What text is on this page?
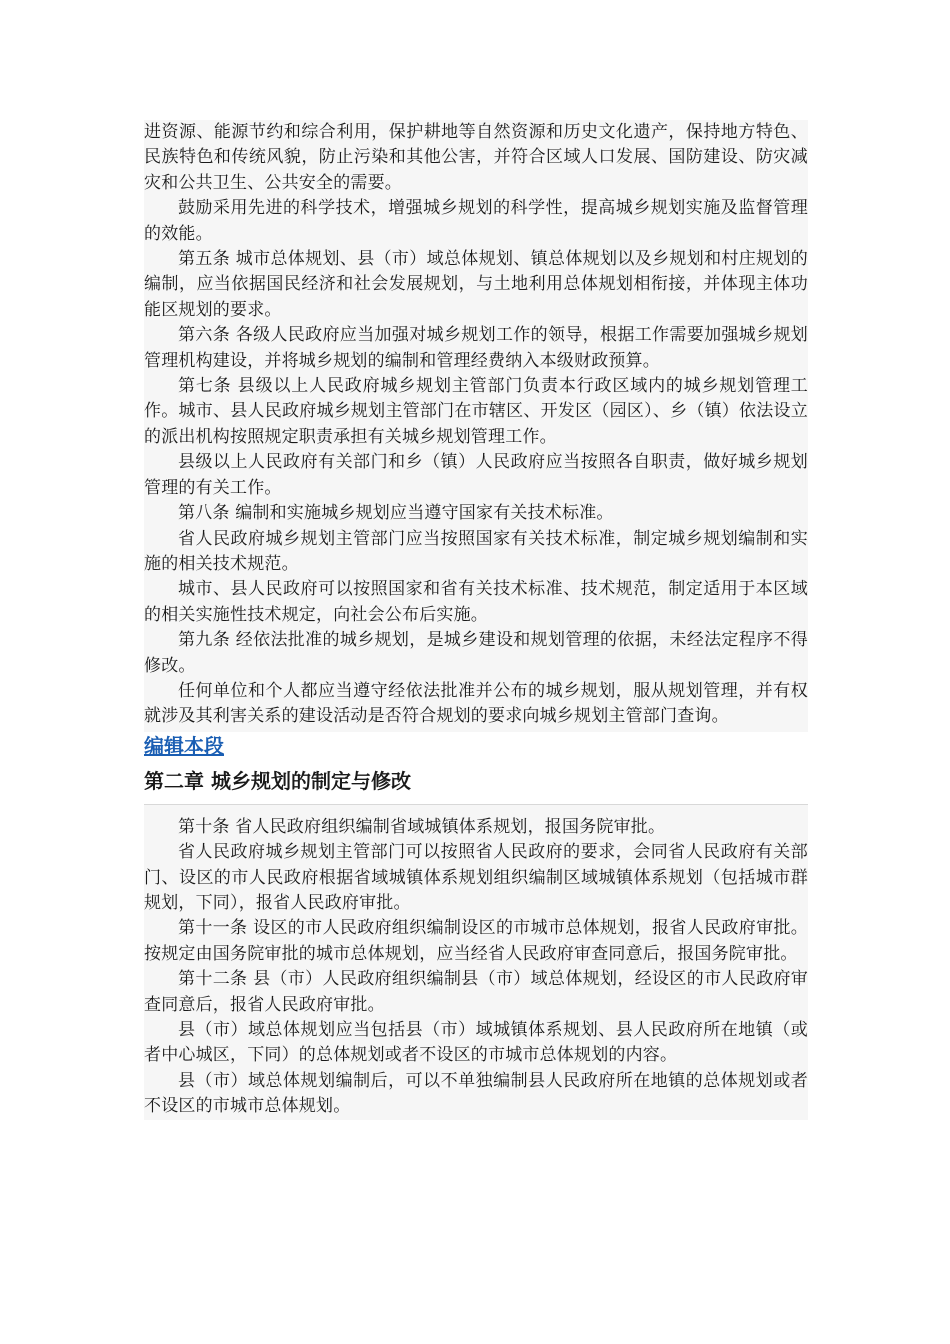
进资源、能源节约和综合利用，保护耕地等自然资源和历史文化遗产，保持地方特色、民族特色和传统风貌，防止污染和其他公害，并符合区域人口发展、国防建设、防灾减灾和公共卫生、公共安全的需要。

鼓励采用先进的科学技术，增强城乡规划的科学性，提高城乡规划实施及监督管理的效能。

第五条 城市总体规划、县（市）域总体规划、镇总体规划以及乡规划和村庄规划的编制，应当依据国民经济和社会发展规划，与土地利用总体规划相衔接，并体现主体功能区规划的要求。

第六条 各级人民政府应当加强对城乡规划工作的领导，根据工作需要加强城乡规划管理机构建设，并将城乡规划的编制和管理经费纳入本级财政预算。

第七条 县级以上人民政府城乡规划主管部门负责本行政区域内的城乡规划管理工作。城市、县人民政府城乡规划主管部门在市辖区、开发区（园区）、乡（镇）依法设立的派出机构按照规定职责承担有关城乡规划管理工作。

县级以上人民政府有关部门和乡（镇）人民政府应当按照各自职责，做好城乡规划管理的有关工作。

第八条 编制和实施城乡规划应当遵守国家有关技术标准。

省人民政府城乡规划主管部门应当按照国家有关技术标准，制定城乡规划编制和实施的相关技术规范。

城市、县人民政府可以按照国家和省有关技术标准、技术规范，制定适用于本区域的相关实施性技术规定，向社会公布后实施。

第九条 经依法批准的城乡规划，是城乡建设和规划管理的依据，未经法定程序不得修改。

任何单位和个人都应当遵守经依法批准并公布的城乡规划，服从规划管理，并有权就涉及其利害关系的建设活动是否符合规划的要求向城乡规划主管部门查询。

编辑本段
第二章 城乡规划的制定与修改

第十条 省人民政府组织编制省域城镇体系规划，报国务院审批。

省人民政府城乡规划主管部门可以按照省人民政府的要求，会同省人民政府有关部门、设区的市人民政府根据省域城镇体系规划组织编制区域城镇体系规划（包括城市群规划，下同），报省人民政府审批。

第十一条 设区的市人民政府组织编制设区的市城市总体规划，报省人民政府审批。按规定由国务院审批的城市总体规划，应当经省人民政府审查同意后，报国务院审批。

第十二条 县（市）人民政府组织编制县（市）域总体规划，经设区的市人民政府审查同意后，报省人民政府审批。

县（市）域总体规划应当包括县（市）域城镇体系规划、县人民政府所在地镇（或者中心城区，下同）的总体规划或者不设区的市城市总体规划的内容。

县（市）域总体规划编制后，可以不单独编制县人民政府所在地镇的总体规划或者不设区的市城市总体规划。
